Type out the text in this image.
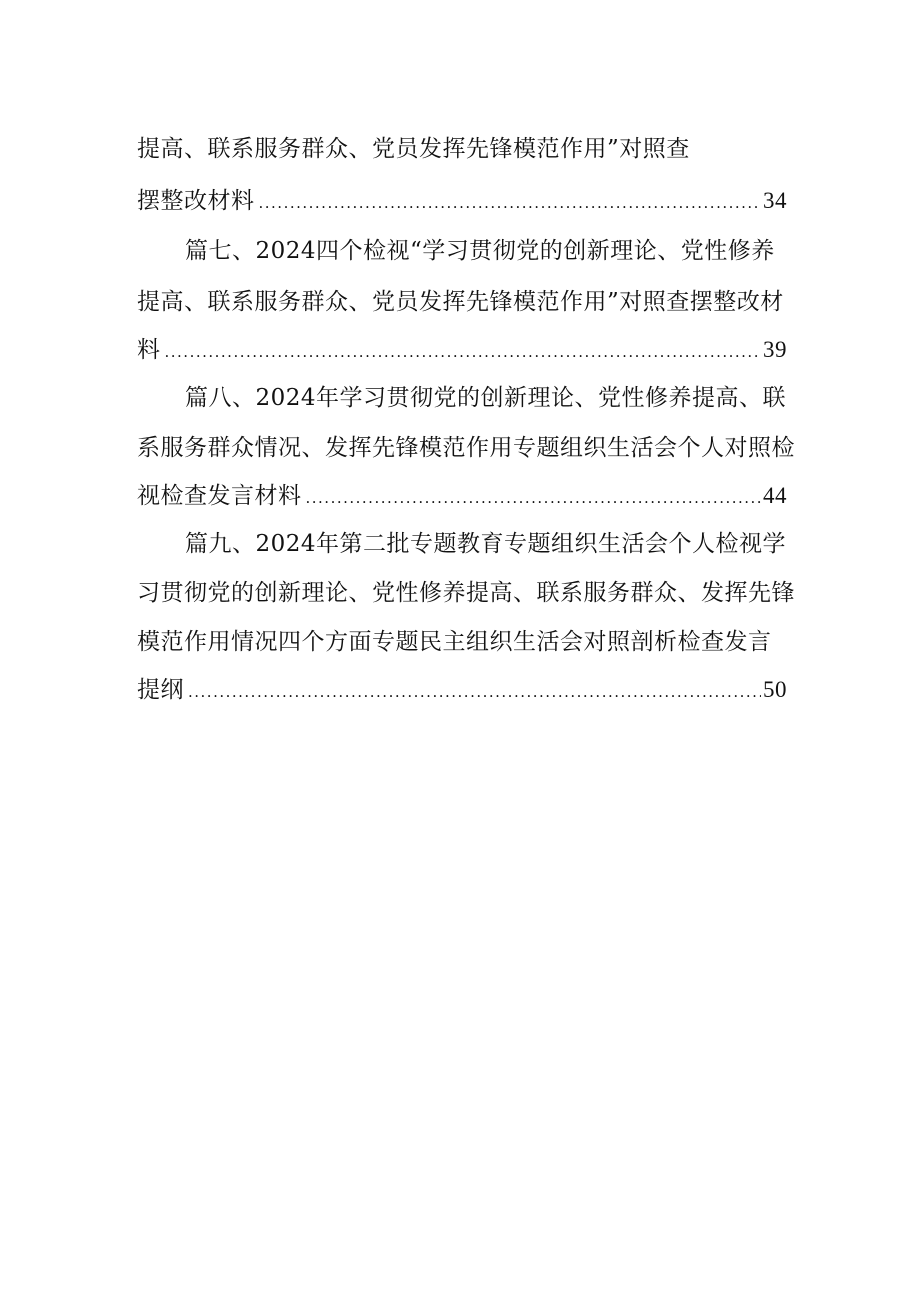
提高、联系服务群众、党员发挥先锋模范作用”对照查
摆整改材料 .....	34
篇七、2024四个检视“学习贯彻党的创新理论、党性修养
提高、联系服务群众、党员发挥先锋模范作用”对照查摆整改材
料 .....	39
篇八、2024年学习贯彻党的创新理论、党性修养提高、联
系服务群众情况、发挥先锋模范作用专题组织生活会个人对照检
视检查发言材料 .....	44
篇九、2024年第二批专题教育专题组织生活会个人检视学
习贯彻党的创新理论、党性修养提高、联系服务群众、发挥先锋
模范作用情况四个方面专题民主组织生活会对照剖析检查发言
提纲 .....	50
